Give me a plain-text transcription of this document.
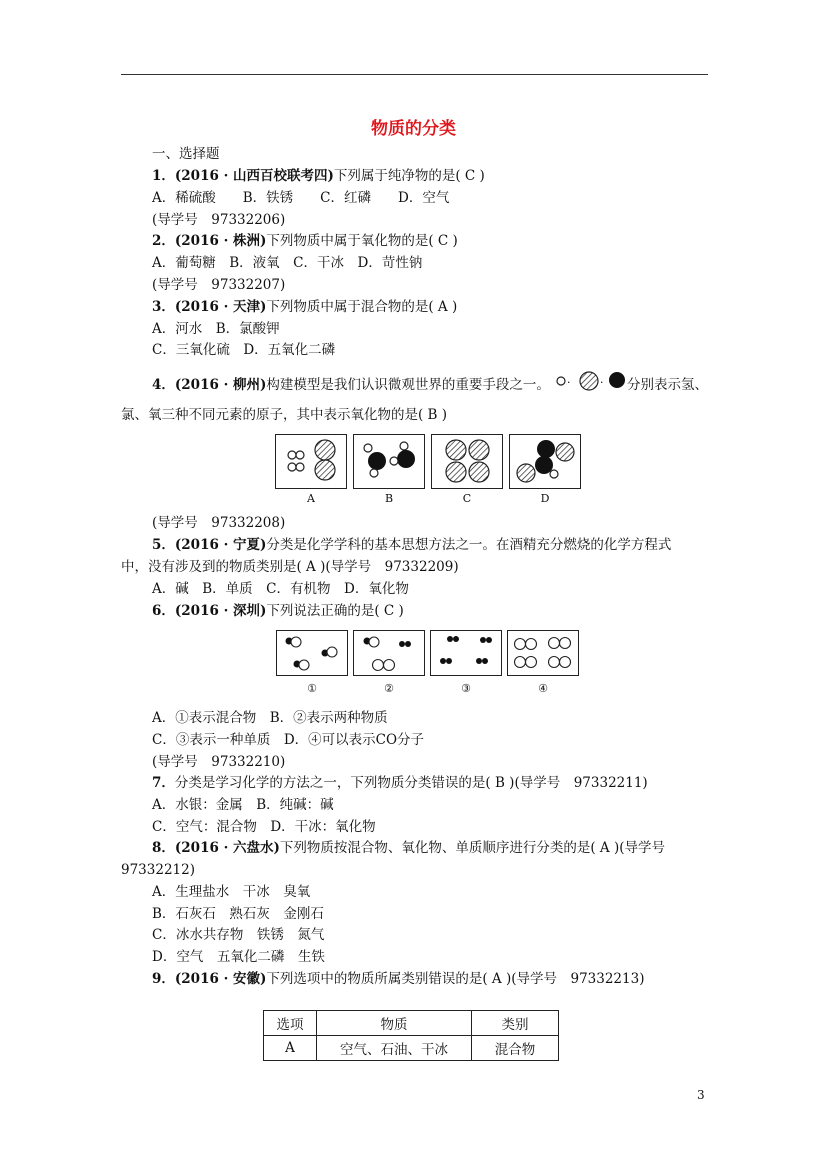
物质的分类
一、选择题
1．(2016 · 山西百校联考四)下列属于纯净物的是( C )
A．稀硫酸　　B．铁锈　　C．红磷　　D．空气
(导学号　97332206)
2．(2016 · 株洲)下列物质中属于氧化物的是( C )
A．葡萄糖　B．液氧　C．干冰　D．苛性钠
(导学号　97332207)
3．(2016 · 天津)下列物质中属于混合物的是( A )
A．河水　B．氯酸钾
C．三氧化硫　D．五氧化二磷
4．(2016 · 柳州)构建模型是我们认识微观世界的重要手段之一。 ·	· 分别表示氢、
氯、氧三种不同元素的原子，其中表示氧化物的是( B )
A	B	C	D
(导学号　97332208)
5．(2016 · 宁夏)分类是化学学科的基本思想方法之一。在酒精充分燃烧的化学方程式
中，没有涉及到的物质类别是( A )(导学号　97332209)
A．碱　B．单质　C．有机物　D．氧化物
6．(2016 · 深圳)下列说法正确的是( C )
①	②	③	④
A．①表示混合物　B．②表示两种物质
C．③表示一种单质　D．④可以表示CO分子
(导学号　97332210)
7．分类是学习化学的方法之一，下列物质分类错误的是( B )(导学号　97332211)
A．水银：金属　B．纯碱：碱
C．空气：混合物　D．干冰：氧化物
8．(2016 · 六盘水)下列物质按混合物、氧化物、单质顺序进行分类的是( A )(导学号
97332212)
A．生理盐水　干冰　臭氧
B．石灰石　熟石灰　金刚石
C．冰水共存物　铁锈　氮气
D．空气　五氧化二磷　生铁
9．(2016 · 安徽)下列选项中的物质所属类别错误的是( A )(导学号　97332213)
选项	物质	类别
A	空气、石油、干冰	混合物
3
